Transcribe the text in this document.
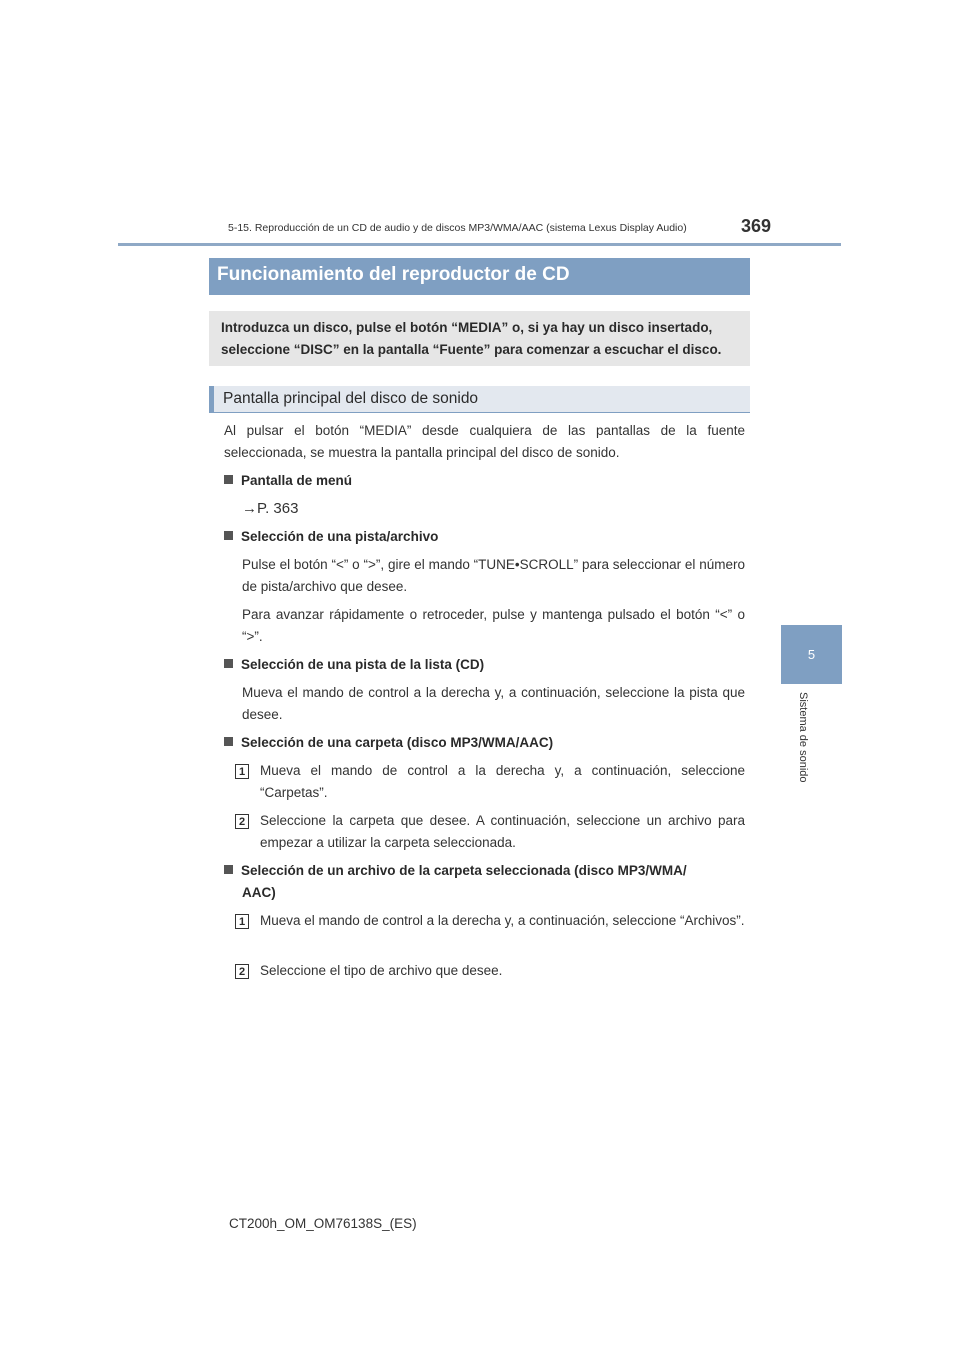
5-15. Reproducción de un CD de audio y de discos MP3/WMA/AAC (sistema Lexus Display Audio)	369
5
Sistema de sonido
Funcionamiento del reproductor de CD
Introduzca un disco, pulse el botón “MEDIA” o, si ya hay un disco insertado,
seleccione “DISC” en la pantalla “Fuente” para comenzar a escuchar el disco.
Pantalla principal del disco de sonido
Al pulsar el botón “MEDIA” desde cualquiera de las pantallas de la fuente seleccionada, se muestra la pantalla principal del disco de sonido.
Pantalla de menú
→P. 363
Selección de una pista/archivo
Pulse el botón “<” o “>”, gire el mando “TUNE•SCROLL” para seleccionar el número de pista/archivo que desee.
Para avanzar rápidamente o retroceder, pulse y mantenga pulsado el botón “<” o “>”.
Selección de una pista de la lista (CD)
Mueva el mando de control a la derecha y, a continuación, seleccione la pista que desee.
Selección de una carpeta (disco MP3/WMA/AAC)
1 Mueva el mando de control a la derecha y, a continuación, seleccione “Carpetas”.
2 Seleccione la carpeta que desee. A continuación, seleccione un archivo para empezar a utilizar la carpeta seleccionada.
Selección de un archivo de la carpeta seleccionada (disco MP3/WMA/
AAC)
1 Mueva el mando de control a la derecha y, a continuación, seleccione “Archivos”.
2 Seleccione el tipo de archivo que desee.
CT200h_OM_OM76138S_(ES)
